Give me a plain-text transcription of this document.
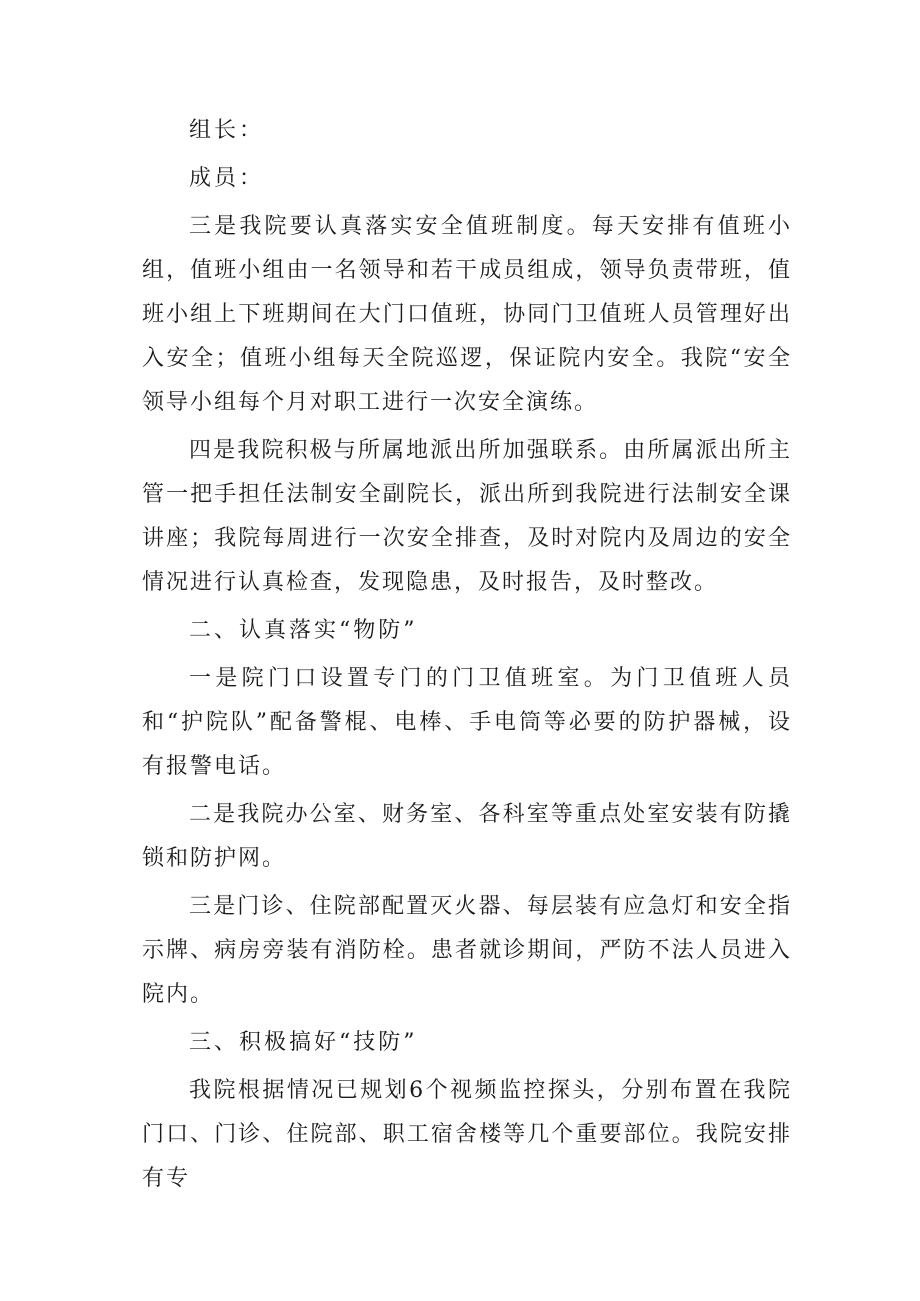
组长：

成员：

三是我院要认真落实安全值班制度。每天安排有值班小组，值班小组由一名领导和若干成员组成，领导负责带班，值班小组上下班期间在大门口值班，协同门卫值班人员管理好出入安全；值班小组每天全院巡逻，保证院内安全。我院“安全领导小组每个月对职工进行一次安全演练。

四是我院积极与所属地派出所加强联系。由所属派出所主管一把手担任法制安全副院长，派出所到我院进行法制安全课讲座；我院每周进行一次安全排查，及时对院内及周边的安全情况进行认真检查，发现隐患，及时报告，及时整改。

二、认真落实“物防”

一是院门口设置专门的门卫值班室。为门卫值班人员和“护院队”配备警棍、电棒、手电筒等必要的防护器械，设有报警电话。

二是我院办公室、财务室、各科室等重点处室安装有防撬锁和防护网。

三是门诊、住院部配置灭火器、每层装有应急灯和安全指示牌、病房旁装有消防栓。患者就诊期间，严防不法人员进入院内。

三、积极搞好“技防”

我院根据情况已规划6个视频监控探头，分别布置在我院门口、门诊、住院部、职工宿舍楼等几个重要部位。我院安排有专
